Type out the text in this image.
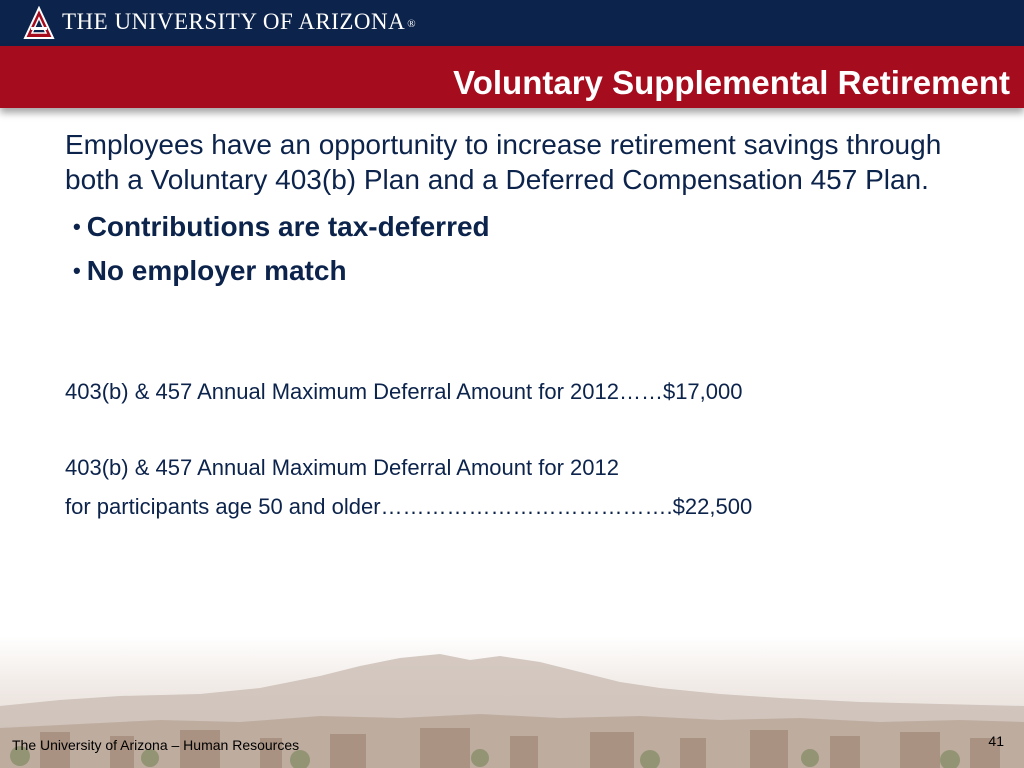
THE UNIVERSITY OF ARIZONA ®
Voluntary Supplemental Retirement

Employees have an opportunity to increase retirement savings through both a Voluntary 403(b) Plan and a Deferred Compensation 457 Plan.

• Contributions are tax-deferred
• No employer match
403(b) & 457 Annual Maximum Deferral Amount for 2012……$17,000
403(b) & 457 Annual Maximum Deferral Amount for 2012
for participants age 50 and older………………………………….$22,500
The University of Arizona – Human Resources	41
